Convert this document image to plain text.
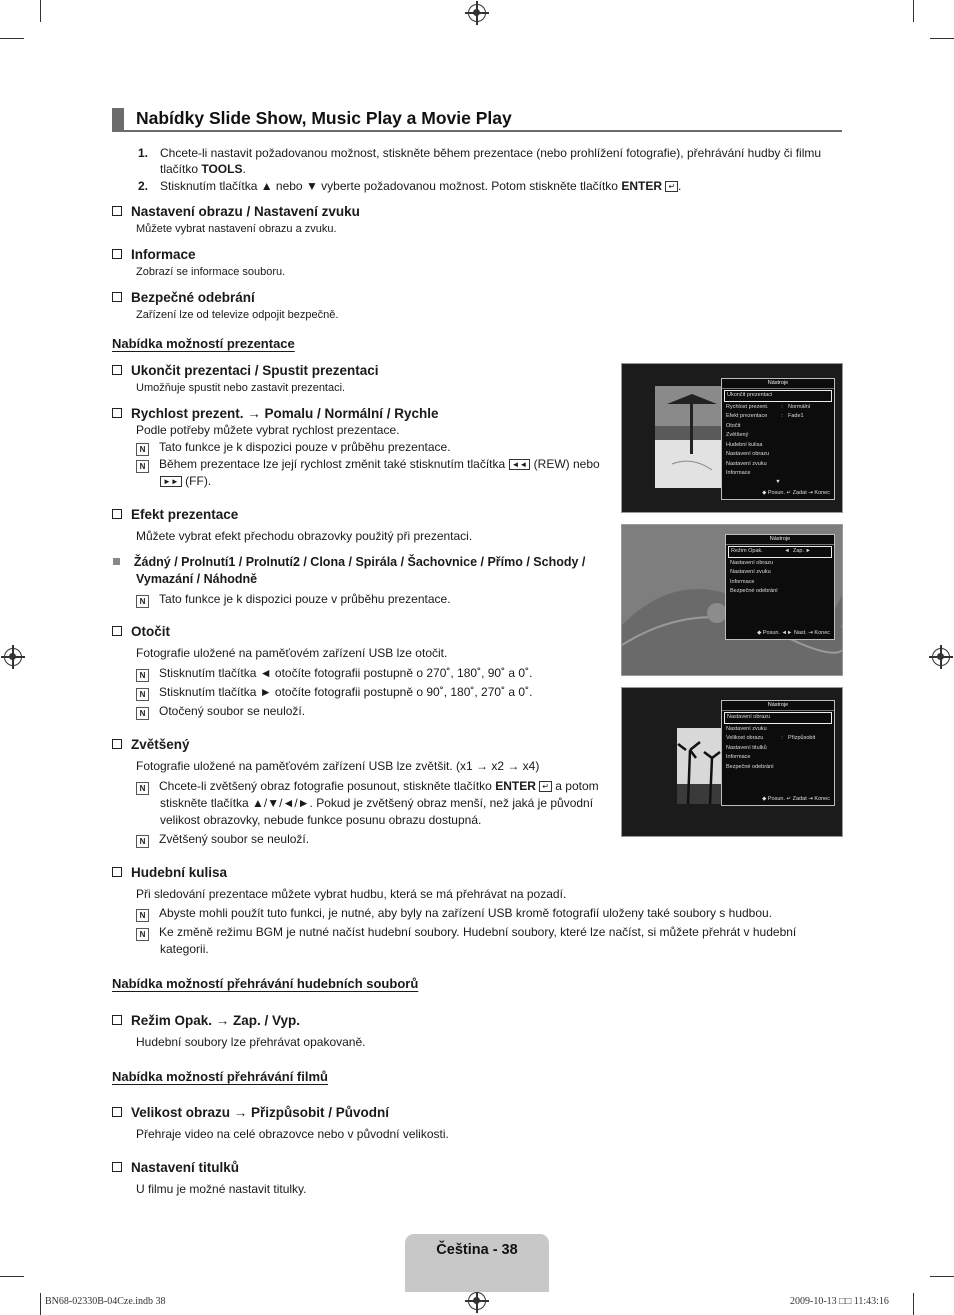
Nabídky Slide Show, Music Play a Movie Play
1. Chcete-li nastavit požadovanou možnost, stiskněte během prezentace (nebo prohlížení fotografie), přehrávání hudby či filmu
tlačítko TOOLS.
2. Stisknutím tlačítka ▲ nebo ▼ vyberte požadovanou možnost. Potom stiskněte tlačítko ENTER ↵ .
Nastavení obrazu / Nastavení zvuku
Můžete vybrat nastavení obrazu a zvuku.
Informace
Zobrazí se informace souboru.
Bezpečné odebrání
Zařízení lze od televize odpojit bezpečně.
Nabídka možností prezentace
Ukončit prezentaci / Spustit prezentaci
Umožňuje spustit nebo zastavit prezentaci.
Rychlost prezent. → Pomalu / Normální / Rychle
Podle potřeby můžete vybrat rychlost prezentace.
N Tato funkce je k dispozici pouze v průběhu prezentace.
N Během prezentace lze její rychlost změnit také stisknutím tlačítka ◄◄ (REW) nebo
►► (FF).
Efekt prezentace
Můžete vybrat efekt přechodu obrazovky použitý při prezentaci.
Žádný / Prolnutí1 / Prolnutí2 / Clona / Spirála / Šachovnice / Přímo / Schody /
Vymazání / Náhodně
N Tato funkce je k dispozici pouze v průběhu prezentace.
Otočit
Fotografie uložené na paměťovém zařízení USB lze otočit.
N Stisknutím tlačítka ◄ otočíte fotografii postupně o 270˚, 180˚, 90˚ a 0˚.
N Stisknutím tlačítka ► otočíte fotografii postupně o 90˚, 180˚, 270˚ a 0˚.
N Otočený soubor se neuloží.
Zvětšený
Fotografie uložené na paměťovém zařízení USB lze zvětšit. (x1 → x2 → x4)
N Chcete-li zvětšený obraz fotografie posunout, stiskněte tlačítko ENTER ↵ a potom
stiskněte tlačítka ▲/▼/◄/►. Pokud je zvětšený obraz menší, než jaká je původní
velikost obrazovky, nebude funkce posunu obrazu dostupná.
N Zvětšený soubor se neuloží.
Hudební kulisa
Při sledování prezentace můžete vybrat hudbu, která se má přehrávat na pozadí.
N Abyste mohli použít tuto funkci, je nutné, aby byly na zařízení USB kromě fotografií uloženy také soubory s hudbou.
N Ke změně režimu BGM je nutné načíst hudební soubory. Hudební soubory, které lze načíst, si můžete přehrát v hudební
kategorii.
Nabídka možností přehrávání hudebních souborů
Režim Opak. → Zap. / Vyp.
Hudební soubory lze přehrávat opakovaně.
Nabídka možností přehrávání filmů
Velikost obrazu → Přizpůsobit / Původní
Přehraje video na celé obrazovce nebo v původní velikosti.
Nastavení titulků
U filmu je možné nastavit titulky.
Nástroje
Ukončit prezentaci
Rychlost prezent.	: Normální
Efekt prezentace	: Fade1
Otočit
Zvětšený
Hudební kulisa
Nastavení obrazu
Nastavení zvuku
Informace
▼
◆ Posun. ↵ Zadat ⇥ Konec
Nástroje
Režim Opak.	◄ Zap. ►
Nastavení obrazu
Nastavení zvuku
Informace
Bezpečné odebrání
◆ Posun. ◄► Nast. ⇥ Konec
Nástroje
Nastavení obrazu
Nastavení zvuku
Velikost obrazu	: Přizpůsobit
Nastavení titulků
Informace
Bezpečné odebrání
◆ Posun. ↵ Zadat ⇥ Konec
Čeština - 38
BN68-02330B-04Cze.indb 38	2009-10-13 □□ 11:43:16
